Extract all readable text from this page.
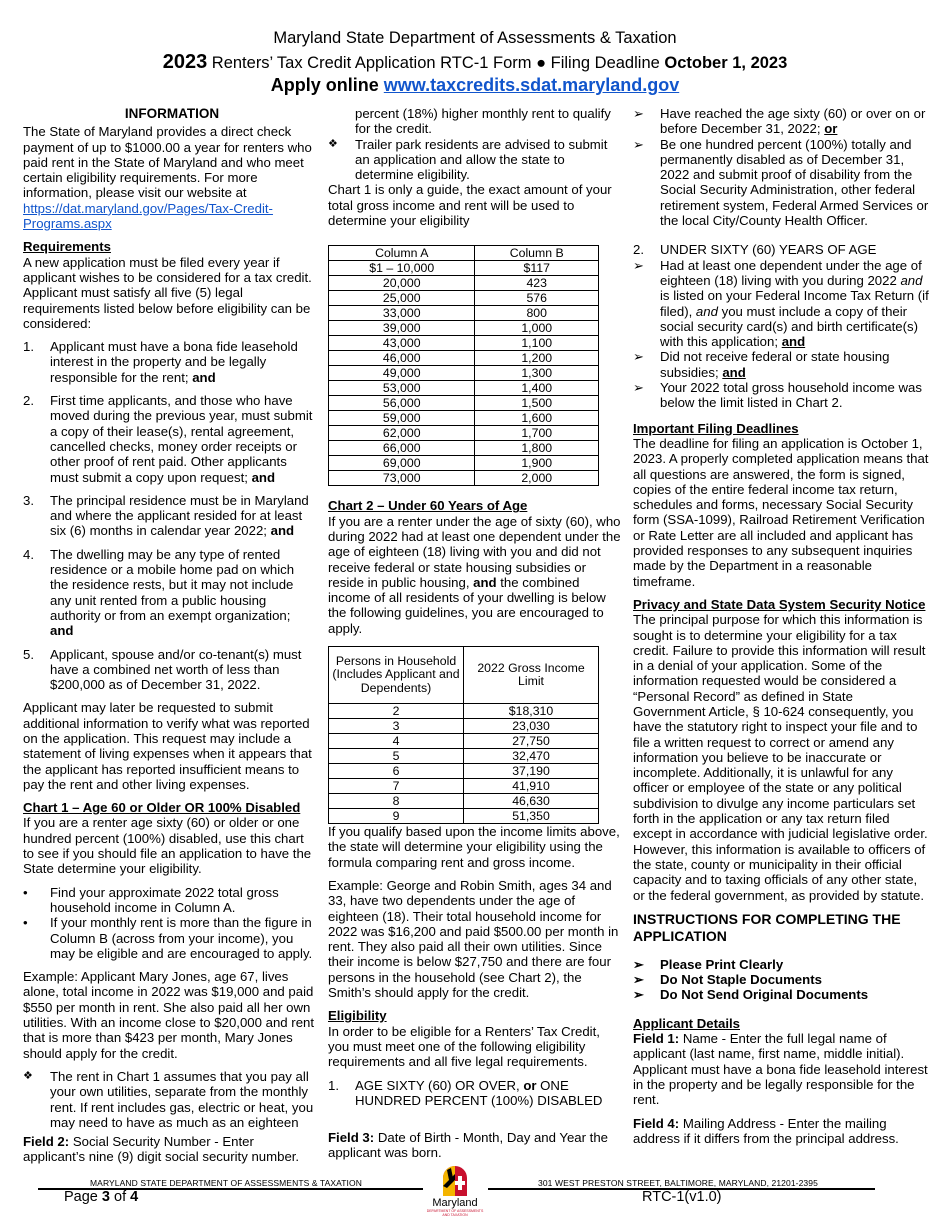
Maryland State Department of Assessments & Taxation
2023 Renters’ Tax Credit Application RTC-1 Form ● Filing Deadline October 1, 2023
Apply online www.taxcredits.sdat.maryland.gov

INFORMATION

The State of Maryland provides a direct check payment of up to $1000.00 a year for renters who paid rent in the State of Maryland and who meet certain eligibility requirements. For more information, please visit our website at https://dat.maryland.gov/Pages/Tax-Credit-Programs.aspx

Requirements

A new application must be filed every year if applicant wishes to be considered for a tax credit. Applicant must satisfy all five (5) legal requirements listed below before eligibility can be considered:

1. Applicant must have a bona fide leasehold interest in the property and be legally responsible for the rent; and
2. First time applicants, and those who have moved during the previous year, must submit a copy of their lease(s), rental agreement, cancelled checks, money order receipts or other proof of rent paid. Other applicants must submit a copy upon request; and
3. The principal residence must be in Maryland and where the applicant resided for at least six (6) months in calendar year 2022; and
4. The dwelling may be any type of rented residence or a mobile home pad on which the residence rests, but it may not include any unit rented from a public housing authority or from an exempt organization; and
5. Applicant, spouse and/or co-tenant(s) must have a combined net worth of less than $200,000 as of December 31, 2022.

Applicant may later be requested to submit additional information to verify what was reported on the application. This request may include a statement of living expenses when it appears that the applicant has reported insufficient means to pay the rent and other living expenses.

Chart 1 – Age 60 or Older OR 100% Disabled

If you are a renter age sixty (60) or older or one hundred percent (100%) disabled, use this chart to see if you should file an application to have the State determine your eligibility.

• Find your approximate 2022 total gross household income in Column A.
• If your monthly rent is more than the figure in Column B (across from your income), you may be eligible and are encouraged to apply.

Example: Applicant Mary Jones, age 67, lives alone, total income in 2022 was $19,000 and paid $550 per month in rent. She also paid all her own utilities. With an income close to $20,000 and rent that is more than $423 per month, Mary Jones should apply for the credit.

❖ The rent in Chart 1 assumes that you pay all your own utilities, separate from the monthly rent. If rent includes gas, electric or heat, you may need to have as much as an eighteen

Field 2: Social Security Number - Enter applicant’s nine (9) digit social security number.

percent (18%) higher monthly rent to qualify for the credit.
❖ Trailer park residents are advised to submit an application and allow the state to determine eligibility.

Chart 1 is only a guide, the exact amount of your total gross income and rent will be used to determine your eligibility

Column A	Column B
$1 – 10,000	$117
20,000	423
25,000	576
33,000	800
39,000	1,000
43,000	1,100
46,000	1,200
49,000	1,300
53,000	1,400
56,000	1,500
59,000	1,600
62,000	1,700
66,000	1,800
69,000	1,900
73,000	2,000

Chart 2 – Under 60 Years of Age

If you are a renter under the age of sixty (60), who during 2022 had at least one dependent under the age of eighteen (18) living with you and did not receive federal or state housing subsidies or reside in public housing, and the combined income of all residents of your dwelling is below the following guidelines, you are encouraged to apply.

Persons in Household (Includes Applicant and Dependents)	2022 Gross Income Limit
2	$18,310
3	23,030
4	27,750
5	32,470
6	37,190
7	41,910
8	46,630
9	51,350

If you qualify based upon the income limits above, the state will determine your eligibility using the formula comparing rent and gross income.

Example: George and Robin Smith, ages 34 and 33, have two dependents under the age of eighteen (18). Their total household income for 2022 was $16,200 and paid $500.00 per month in rent. They also paid all their own utilities. Since their income is below $27,750 and there are four persons in the household (see Chart 2), the Smith’s should apply for the credit.

Eligibility

In order to be eligible for a Renters’ Tax Credit, you must meet one of the following eligibility requirements and all five legal requirements.

1. AGE SIXTY (60) OR OVER, or ONE HUNDRED PERCENT (100%) DISABLED

Field 3: Date of Birth - Month, Day and Year the applicant was born.

➢ Have reached the age sixty (60) or over on or before December 31, 2022; or
➢ Be one hundred percent (100%) totally and permanently disabled as of December 31, 2022 and submit proof of disability from the Social Security Administration, other federal retirement system, Federal Armed Services or the local City/County Health Officer.
2. UNDER SIXTY (60) YEARS OF AGE
➢ Had at least one dependent under the age of eighteen (18) living with you during 2022 and is listed on your Federal Income Tax Return (if filed), and you must include a copy of their social security card(s) and birth certificate(s) with this application; and
➢ Did not receive federal or state housing subsidies; and
➢ Your 2022 total gross household income was below the limit listed in Chart 2.

Important Filing Deadlines

The deadline for filing an application is October 1, 2023. A properly completed application means that all questions are answered, the form is signed, copies of the entire federal income tax return, schedules and forms, necessary Social Security form (SSA-1099), Railroad Retirement Verification or Rate Letter are all included and applicant has provided responses to any subsequent inquiries made by the Department in a reasonable timeframe.

Privacy and State Data System Security Notice

The principal purpose for which this information is sought is to determine your eligibility for a tax credit. Failure to provide this information will result in a denial of your application. Some of the information requested would be considered a “Personal Record” as defined in State Government Article, § 10-624 consequently, you have the statutory right to inspect your file and to file a written request to correct or amend any information you believe to be inaccurate or incomplete. Additionally, it is unlawful for any officer or employee of the state or any political subdivision to divulge any income particulars set forth in the application or any tax return filed except in accordance with judicial legislative order. However, this information is available to officers of the state, county or municipality in their official capacity and to taxing officials of any other state, or the federal government, as provided by statute.

INSTRUCTIONS FOR COMPLETING THE APPLICATION

➢ Please Print Clearly
➢ Do Not Staple Documents
➢ Do Not Send Original Documents

Applicant Details

Field 1: Name - Enter the full legal name of applicant (last name, first name, middle initial). Applicant must have a bona fide leasehold interest in the property and be legally responsible for the rent.

Field 4: Mailing Address - Enter the mailing address if it differs from the principal address.

MARYLAND STATE DEPARTMENT OF ASSESSMENTS & TAXATION	301 WEST PRESTON STREET, BALTIMORE, MARYLAND, 21201-2395
Page 3 of 4	RTC-1(v1.0)
Maryland
DEPARTMENT OF ASSESSMENTS AND TAXATION
